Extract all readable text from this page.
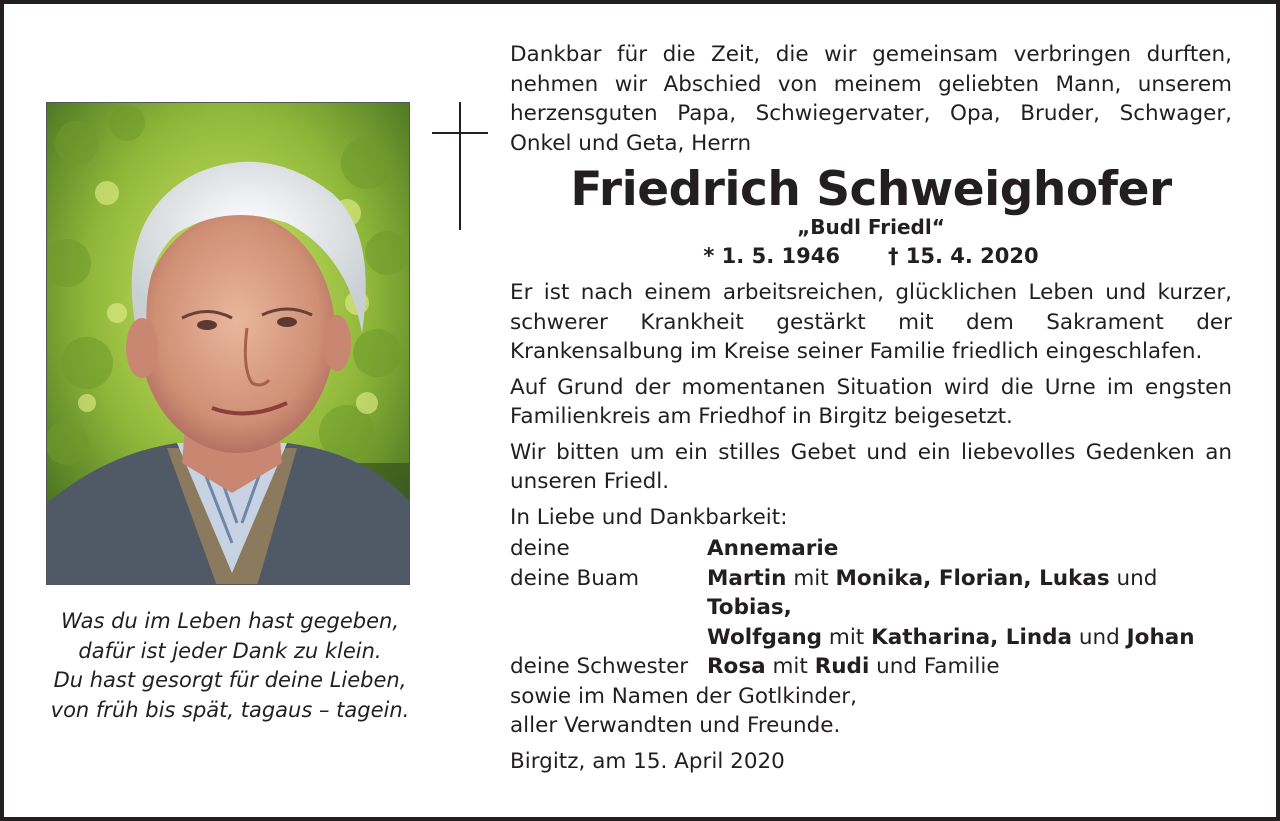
Was du im Leben hast gegeben,
dafür ist jeder Dank zu klein.
Du hast gesorgt für deine Lieben,
von früh bis spät, tagaus – tagein.
Dankbar für die Zeit, die wir gemeinsam verbringen durften,
nehmen wir Abschied von meinem geliebten Mann, unserem
herzensguten Papa, Schwiegervater, Opa, Bruder, Schwager,
Onkel und Geta, Herrn
Friedrich Schweighofer
„Budl Friedl“
* 1. 5. 1946 † 15. 4. 2020

Er ist nach einem arbeitsreichen, glücklichen Leben und kurzer, schwerer Krankheit gestärkt mit dem Sakrament der Krankensalbung im Kreise seiner Familie friedlich eingeschlafen.

Auf Grund der momentanen Situation wird die Urne im engsten Familienkreis am Friedhof in Birgitz beigesetzt.

Wir bitten um ein stilles Gebet und ein liebevolles Gedenken an unseren Friedl.

In Liebe und Dankbarkeit:
deine	Annemarie
deine Buam	Martin mit Monika, Florian, Lukas und Tobias,
Wolfgang mit Katharina, Linda und Johan
deine Schwester Rosa mit Rudi und Familie
sowie im Namen der Gotlkinder,
aller Verwandten und Freunde.
Birgitz, am 15. April 2020
